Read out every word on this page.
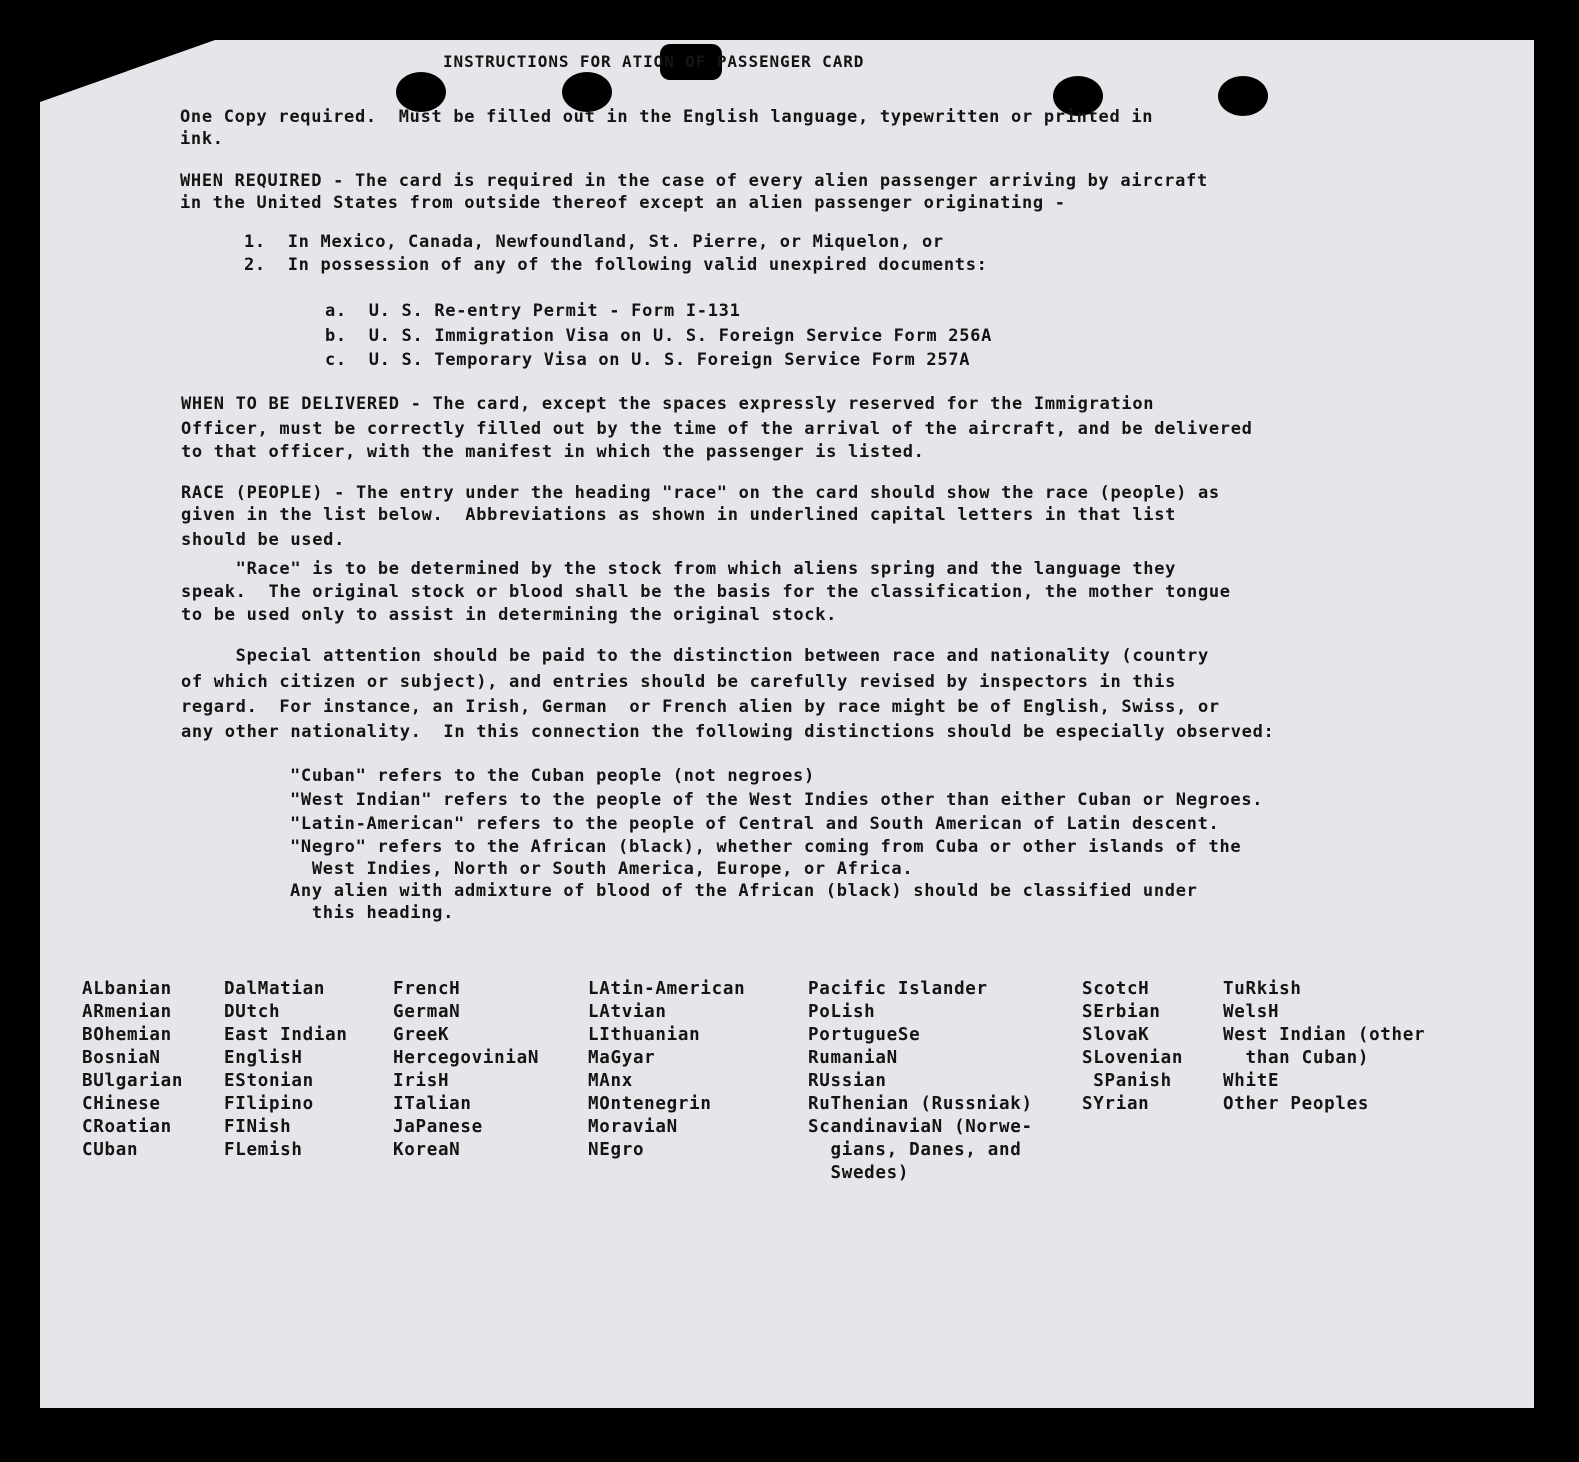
INSTRUCTIONS FOR ATION OF PASSENGER CARD
One Copy required.  Must be filled out in the English language, typewritten or printed in
ink.
WHEN REQUIRED - The card is required in the case of every alien passenger arriving by aircraft
in the United States from outside thereof except an alien passenger originating -
1.  In Mexico, Canada, Newfoundland, St. Pierre, or Miquelon, or
2.  In possession of any of the following valid unexpired documents:
a.  U. S. Re-entry Permit - Form I-131
b.  U. S. Immigration Visa on U. S. Foreign Service Form 256A
c.  U. S. Temporary Visa on U. S. Foreign Service Form 257A
WHEN TO BE DELIVERED - The card, except the spaces expressly reserved for the Immigration
Officer, must be correctly filled out by the time of the arrival of the aircraft, and be delivered
to that officer, with the manifest in which the passenger is listed.
RACE (PEOPLE) - The entry under the heading "race" on the card should show the race (people) as
given in the list below.  Abbreviations as shown in underlined capital letters in that list
should be used.
"Race" is to be determined by the stock from which aliens spring and the language they
speak.  The original stock or blood shall be the basis for the classification, the mother tongue
to be used only to assist in determining the original stock.
Special attention should be paid to the distinction between race and nationality (country
of which citizen or subject), and entries should be carefully revised by inspectors in this
regard.  For instance, an Irish, German  or French alien by race might be of English, Swiss, or
any other nationality.  In this connection the following distinctions should be especially observed:
"Cuban" refers to the Cuban people (not negroes)
"West Indian" refers to the people of the West Indies other than either Cuban or Negroes.
"Latin-American" refers to the people of Central and South American of Latin descent.
"Negro" refers to the African (black), whether coming from Cuba or other islands of the
West Indies, North or South America, Europe, or Africa.
Any alien with admixture of blood of the African (black) should be classified under
this heading.
ALbanian
ARmenian
BOhemian
BosniaN
BUlgarian
CHinese
CRoatian
CUban
DalMatian
DUtch
East Indian
EnglisH
EStonian
FIlipino
FINish
FLemish
FrencH
GermaN
GreeK
HercegoviniaN
IrisH
ITalian
JaPanese
KoreaN
LAtin-American
LAtvian
LIthuanian
MaGyar
MAnx
MOntenegrin
MoraviaN
NEgro
Pacific Islander
PoLish
PortugueSe
RumaniaN
RUssian
RuThenian (Russniak)
ScandinaviaN (Norwe-
gians, Danes, and
Swedes)
ScotcH
SErbian
SlovaK
SLovenian
SPanish
SYrian
TuRkish
WelsH
West Indian (other
than Cuban)
WhitE
Other Peoples
